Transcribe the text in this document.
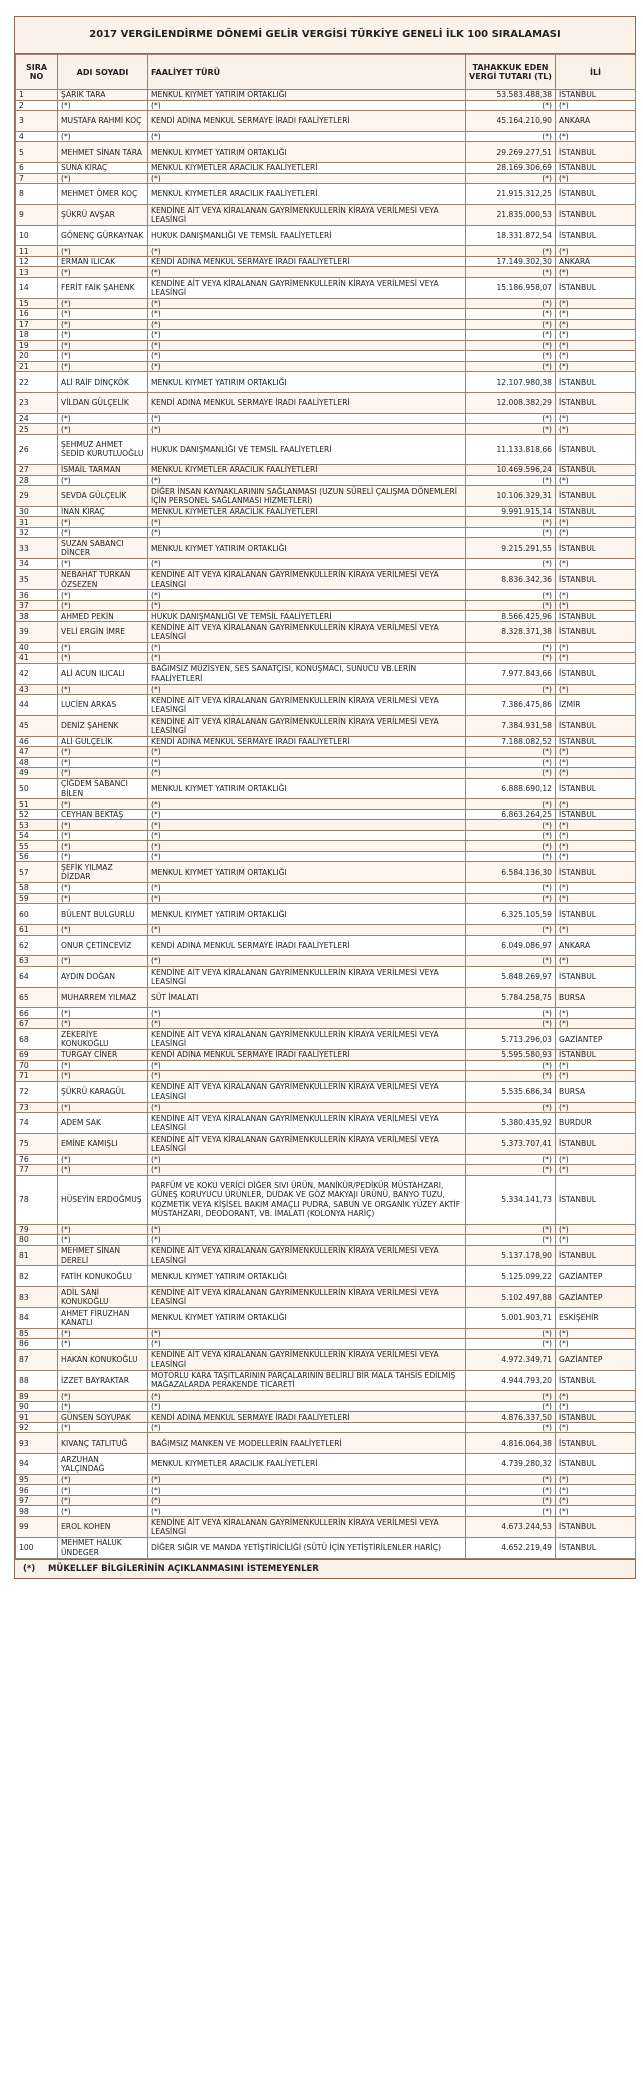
2017 VERGİLENDİRME DÖNEMİ GELİR VERGİSİ TÜRKİYE GENELİ İLK 100 SIRALAMASI
SIRA NO	ADI SOYADI	FAALİYET TÜRÜ	TAHAKKUK EDEN VERGİ TUTARI (TL)	İLİ
1	ŞARIK TARA	MENKUL KIYMET YATIRIM ORTAKLIĞI	53.583.488,38	İSTANBUL
2	(*)	(*)	(*)	(*)
3	MUSTAFA RAHMİ KOÇ	KENDİ ADINA MENKUL SERMAYE İRADI FAALİYETLERİ	45.164.210,90	ANKARA
4	(*)	(*)	(*)	(*)
5	MEHMET SİNAN TARA	MENKUL KIYMET YATIRIM ORTAKLIĞI	29.269.277,51	İSTANBUL
6	SUNA KIRAÇ	MENKUL KIYMETLER ARACILIK FAALİYETLERİ	28.169.306,69	İSTANBUL
7	(*)	(*)	(*)	(*)
8	MEHMET ÖMER KOÇ	MENKUL KIYMETLER ARACILIK FAALİYETLERİ	21.915.312,25	İSTANBUL
9	ŞÜKRÜ AVŞAR	KENDİNE AİT VEYA KİRALANAN GAYRİMENKULLERİN KİRAYA VERİLMESİ VEYA LEASİNGİ	21.835.000,53	İSTANBUL
10	GÖNENÇ GÜRKAYNAK	HUKUK DANIŞMANLIĞI VE TEMSİL FAALİYETLERİ	18.331.872,54	İSTANBUL
11	(*)	(*)	(*)	(*)
12	ERMAN ILICAK	KENDİ ADINA MENKUL SERMAYE İRADI FAALİYETLERİ	17.149.302,30	ANKARA
13	(*)	(*)	(*)	(*)
14	FERİT FAİK ŞAHENK	KENDİNE AİT VEYA KİRALANAN GAYRİMENKULLERİN KİRAYA VERİLMESİ VEYA LEASİNGİ	15.186.958,07	İSTANBUL
15	(*)	(*)	(*)	(*)
16	(*)	(*)	(*)	(*)
17	(*)	(*)	(*)	(*)
18	(*)	(*)	(*)	(*)
19	(*)	(*)	(*)	(*)
20	(*)	(*)	(*)	(*)
21	(*)	(*)	(*)	(*)
22	ALİ RAİF DİNÇKÖK	MENKUL KIYMET YATIRIM ORTAKLIĞI	12.107.980,38	İSTANBUL
23	VİLDAN GÜLÇELİK	KENDİ ADINA MENKUL SERMAYE İRADI FAALİYETLERİ	12.008.382,29	İSTANBUL
24	(*)	(*)	(*)	(*)
25	(*)	(*)	(*)	(*)
26	ŞEHMUZ AHMET SEDİD KURUTLUOĞLU	HUKUK DANIŞMANLIĞI VE TEMSİL FAALİYETLERİ	11.133.818,66	İSTANBUL
27	İSMAİL TARMAN	MENKUL KIYMETLER ARACILIK FAALİYETLERİ	10.469.596,24	İSTANBUL
28	(*)	(*)	(*)	(*)
29	SEVDA GÜLÇELİK	DİĞER İNSAN KAYNAKLARININ SAĞLANMASI (UZUN SÜRELİ ÇALIŞMA DÖNEMLERİ İÇİN PERSONEL SAĞLANMASI HİZMETLERİ)	10.106.329,31	İSTANBUL
30	İNAN KIRAÇ	MENKUL KIYMETLER ARACILIK FAALİYETLERİ	9.991.915,14	İSTANBUL
31	(*)	(*)	(*)	(*)
32	(*)	(*)	(*)	(*)
33	SUZAN SABANCI DİNCER	MENKUL KIYMET YATIRIM ORTAKLIĞI	9.215.291,55	İSTANBUL
34	(*)	(*)	(*)	(*)
35	NEBAHAT TÜRKAN ÖZSEZEN	KENDİNE AİT VEYA KİRALANAN GAYRİMENKULLERİN KİRAYA VERİLMESİ VEYA LEASİNGİ	8.836.342,36	İSTANBUL
36	(*)	(*)	(*)	(*)
37	(*)	(*)	(*)	(*)
38	AHMED PEKİN	HUKUK DANIŞMANLIĞI VE TEMSİL FAALİYETLERİ	8.566.425,96	İSTANBUL
39	VELİ ERGİN İMRE	KENDİNE AİT VEYA KİRALANAN GAYRİMENKULLERİN KİRAYA VERİLMESİ VEYA LEASİNGİ	8.328.371,38	İSTANBUL
40	(*)	(*)	(*)	(*)
41	(*)	(*)	(*)	(*)
42	ALİ ACUN ILICALI	BAĞIMSIZ MÜZİSYEN, SES SANATÇISI, KONUŞMACI, SUNUCU VB.LERİN FAALİYETLERİ	7.977.843,66	İSTANBUL
43	(*)	(*)	(*)	(*)
44	LUCİEN ARKAS	KENDİNE AİT VEYA KİRALANAN GAYRİMENKULLERİN KİRAYA VERİLMESİ VEYA LEASİNGİ	7.386.475,86	İZMİR
45	DENİZ ŞAHENK	KENDİNE AİT VEYA KİRALANAN GAYRİMENKULLERİN KİRAYA VERİLMESİ VEYA LEASİNGİ	7.384.931,58	İSTANBUL
46	ALİ GÜLÇELİK	KENDİ ADINA MENKUL SERMAYE İRADI FAALİYETLERİ	7.188.082,52	İSTANBUL
47	(*)	(*)	(*)	(*)
48	(*)	(*)	(*)	(*)
49	(*)	(*)	(*)	(*)
50	ÇİĞDEM SABANCI BİLEN	MENKUL KIYMET YATIRIM ORTAKLIĞI	6.888.690,12	İSTANBUL
51	(*)	(*)	(*)	(*)
52	CEYHAN BEKTAŞ	(*)	6.863.264,25	İSTANBUL
53	(*)	(*)	(*)	(*)
54	(*)	(*)	(*)	(*)
55	(*)	(*)	(*)	(*)
56	(*)	(*)	(*)	(*)
57	ŞEFİK YILMAZ DİZDAR	MENKUL KIYMET YATIRIM ORTAKLIĞI	6.584.136,30	İSTANBUL
58	(*)	(*)	(*)	(*)
59	(*)	(*)	(*)	(*)
60	BÜLENT BULGURLU	MENKUL KIYMET YATIRIM ORTAKLIĞI	6.325.105,59	İSTANBUL
61	(*)	(*)	(*)	(*)
62	ONUR ÇETİNCEVİZ	KENDİ ADINA MENKUL SERMAYE İRADI FAALİYETLERİ	6.049.086,97	ANKARA
63	(*)	(*)	(*)	(*)
64	AYDIN DOĞAN	KENDİNE AİT VEYA KİRALANAN GAYRİMENKULLERİN KİRAYA VERİLMESİ VEYA LEASİNGİ	5.848.269,97	İSTANBUL
65	MUHARREM YILMAZ	SÜT İMALATI	5.784.258,75	BURSA
66	(*)	(*)	(*)	(*)
67	(*)	(*)	(*)	(*)
68	ZEKERİYE KONUKOĞLU	KENDİNE AİT VEYA KİRALANAN GAYRİMENKULLERİN KİRAYA VERİLMESİ VEYA LEASİNGİ	5.713.296,03	GAZİANTEP
69	TURGAY CİNER	KENDİ ADINA MENKUL SERMAYE İRADI FAALİYETLERİ	5.595.580,93	İSTANBUL
70	(*)	(*)	(*)	(*)
71	(*)	(*)	(*)	(*)
72	ŞÜKRÜ KARAGÜL	KENDİNE AİT VEYA KİRALANAN GAYRİMENKULLERİN KİRAYA VERİLMESİ VEYA LEASİNGİ	5.535.686,34	BURSA
73	(*)	(*)	(*)	(*)
74	ADEM SAK	KENDİNE AİT VEYA KİRALANAN GAYRİMENKULLERİN KİRAYA VERİLMESİ VEYA LEASİNGİ	5.380.435,92	BURDUR
75	EMİNE KAMIŞLI	KENDİNE AİT VEYA KİRALANAN GAYRİMENKULLERİN KİRAYA VERİLMESİ VEYA LEASİNGİ	5.373.707,41	İSTANBUL
76	(*)	(*)	(*)	(*)
77	(*)	(*)	(*)	(*)
78	HÜSEYİN ERDOĞMUŞ	PARFÜM VE KOKU VERİCİ DİĞER SIVI ÜRÜN, MANİKÜR/PEDİKÜR MÜSTAHZARI, GÜNEŞ KORUYUCU ÜRÜNLER, DUDAK VE GÖZ MAKYAJI ÜRÜNÜ, BANYO TUZU, KOZMETİK VEYA KİŞİSEL BAKIM AMAÇLI PUDRA, SABUN VE ORGANİK YÜZEY AKTİF MÜSTAHZARI, DEODORANT, VB. İMALATI (KOLONYA HARİÇ)	5.334.141,73	İSTANBUL
79	(*)	(*)	(*)	(*)
80	(*)	(*)	(*)	(*)
81	MEHMET SİNAN DERELİ	KENDİNE AİT VEYA KİRALANAN GAYRİMENKULLERİN KİRAYA VERİLMESİ VEYA LEASİNGİ	5.137.178,90	İSTANBUL
82	FATİH KONUKOĞLU	MENKUL KIYMET YATIRIM ORTAKLIĞI	5.125.099,22	GAZİANTEP
83	ADİL SANİ KONUKOĞLU	KENDİNE AİT VEYA KİRALANAN GAYRİMENKULLERİN KİRAYA VERİLMESİ VEYA LEASİNGİ	5.102.497,88	GAZİANTEP
84	AHMET FİRUZHAN KANATLI	MENKUL KIYMET YATIRIM ORTAKLIĞI	5.001.903,71	ESKİŞEHİR
85	(*)	(*)	(*)	(*)
86	(*)	(*)	(*)	(*)
87	HAKAN KONUKOĞLU	KENDİNE AİT VEYA KİRALANAN GAYRİMENKULLERİN KİRAYA VERİLMESİ VEYA LEASİNGİ	4.972.349,71	GAZİANTEP
88	İZZET BAYRAKTAR	MOTORLU KARA TAŞITLARININ PARÇALARININ BELİRLİ BİR MALA TAHSİS EDİLMİŞ MAĞAZALARDA PERAKENDE TİCARETİ	4.944.793,20	İSTANBUL
89	(*)	(*)	(*)	(*)
90	(*)	(*)	(*)	(*)
91	GÜNSEN SOYUPAK	KENDİ ADINA MENKUL SERMAYE İRADI FAALİYETLERİ	4.876.337,50	İSTANBUL
92	(*)	(*)	(*)	(*)
93	KIVANÇ TATLITUĞ	BAĞIMSIZ MANKEN VE MODELLERİN FAALİYETLERİ	4.816.064,38	İSTANBUL
94	ARZUHAN YALÇINDAĞ	MENKUL KIYMETLER ARACILIK FAALİYETLERİ	4.739.280,32	İSTANBUL
95	(*)	(*)	(*)	(*)
96	(*)	(*)	(*)	(*)
97	(*)	(*)	(*)	(*)
98	(*)	(*)	(*)	(*)
99	EROL KOHEN	KENDİNE AİT VEYA KİRALANAN GAYRİMENKULLERİN KİRAYA VERİLMESİ VEYA LEASİNGİ	4.673.244,53	İSTANBUL
100	MEHMET HALUK ÜNDEGER	DİĞER SIĞIR VE MANDA YETİŞTİRİCİLİĞİ (SÜTÜ İÇİN YETİŞTİRİLENLER HARİÇ)	4.652.219,49	İSTANBUL
(*) MÜKELLEF BİLGİLERİNİN AÇIKLANMASINI İSTEMEYENLER
